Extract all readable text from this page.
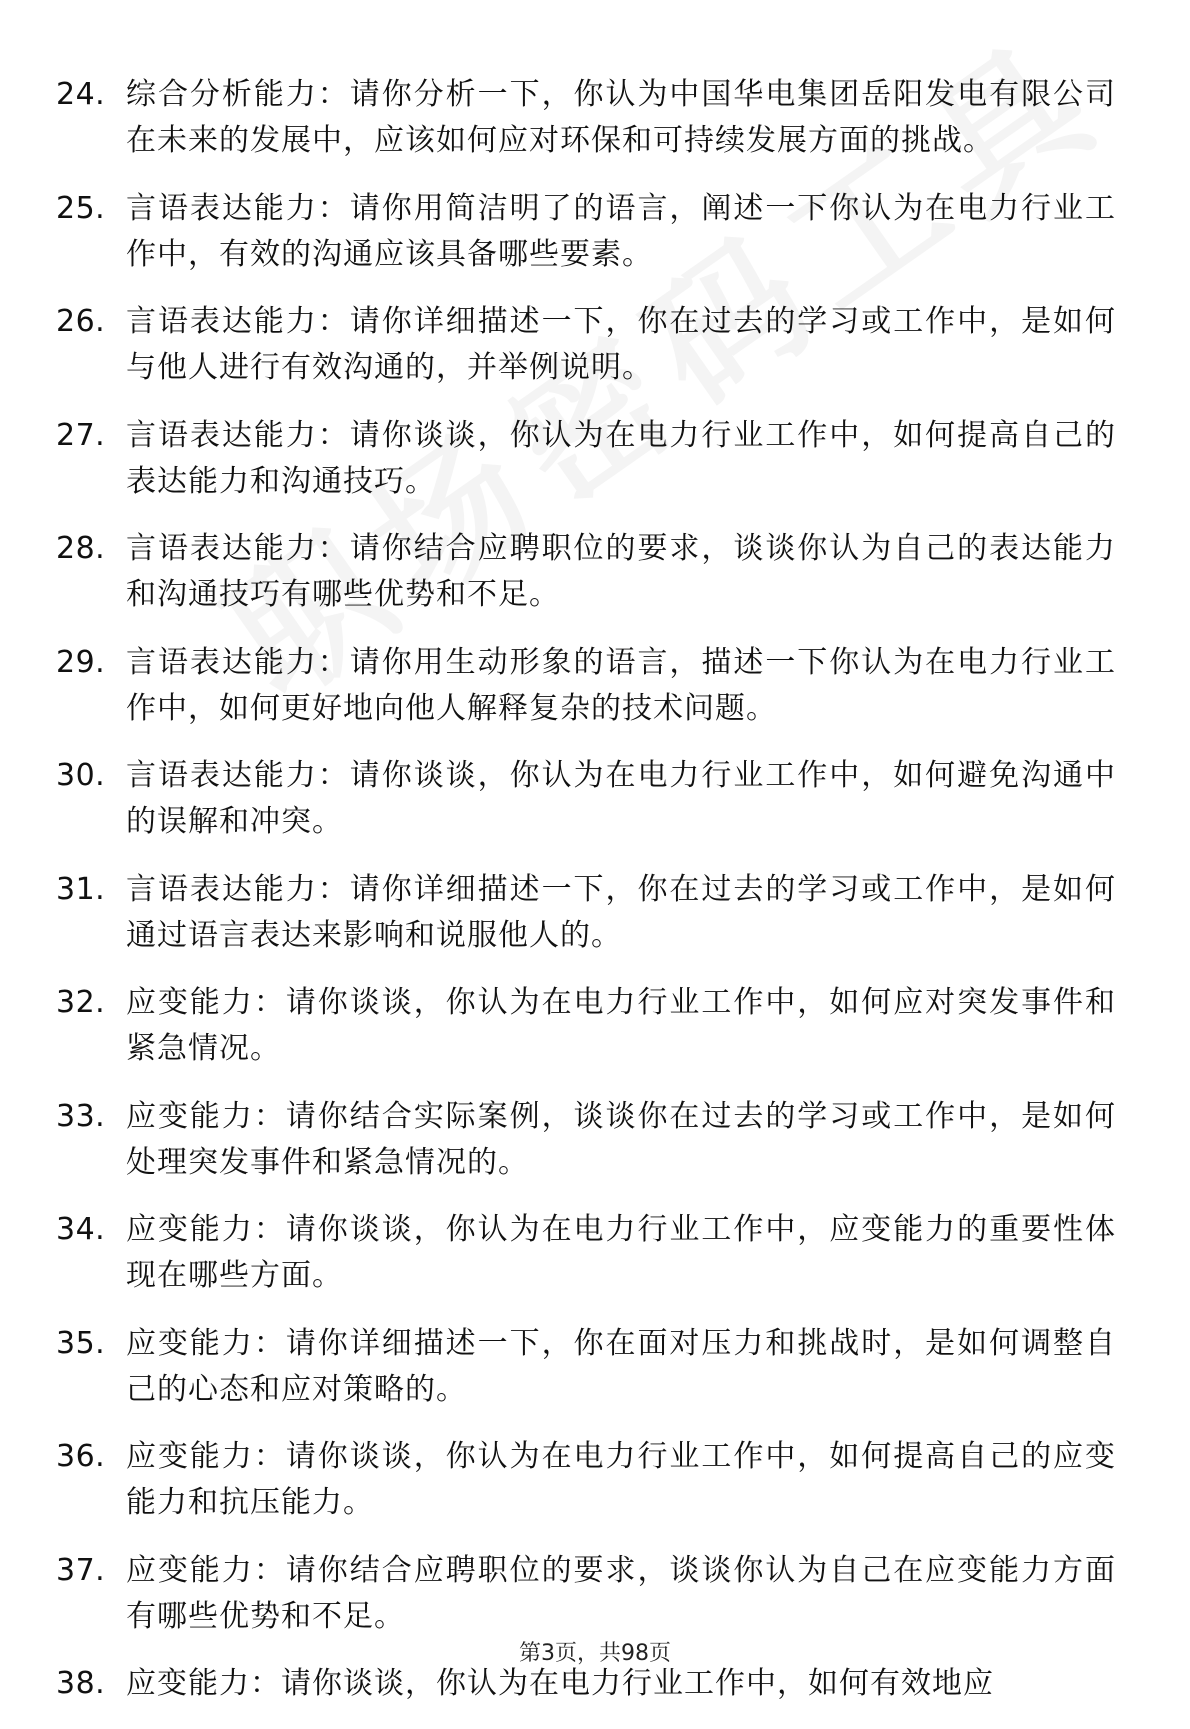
24. 综合分析能力：请你分析一下，你认为中国华电集团岳阳发电有限公司在未来的发展中，应该如何应对环保和可持续发展方面的挑战。
25. 言语表达能力：请你用简洁明了的语言，阐述一下你认为在电力行业工作中，有效的沟通应该具备哪些要素。
26. 言语表达能力：请你详细描述一下，你在过去的学习或工作中，是如何与他人进行有效沟通的，并举例说明。
27. 言语表达能力：请你谈谈，你认为在电力行业工作中，如何提高自己的表达能力和沟通技巧。
28. 言语表达能力：请你结合应聘职位的要求，谈谈你认为自己的表达能力和沟通技巧有哪些优势和不足。
29. 言语表达能力：请你用生动形象的语言，描述一下你认为在电力行业工作中，如何更好地向他人解释复杂的技术问题。
30. 言语表达能力：请你谈谈，你认为在电力行业工作中，如何避免沟通中的误解和冲突。
31. 言语表达能力：请你详细描述一下，你在过去的学习或工作中，是如何通过语言表达来影响和说服他人的。
32. 应变能力：请你谈谈，你认为在电力行业工作中，如何应对突发事件和紧急情况。
33. 应变能力：请你结合实际案例，谈谈你在过去的学习或工作中，是如何处理突发事件和紧急情况的。
34. 应变能力：请你谈谈，你认为在电力行业工作中，应变能力的重要性体现在哪些方面。
35. 应变能力：请你详细描述一下，你在面对压力和挑战时，是如何调整自己的心态和应对策略的。
36. 应变能力：请你谈谈，你认为在电力行业工作中，如何提高自己的应变能力和抗压能力。
37. 应变能力：请你结合应聘职位的要求，谈谈你认为自己在应变能力方面有哪些优势和不足。
38. 应变能力：请你谈谈，你认为在电力行业工作中，如何有效地应
第3页，共98页
